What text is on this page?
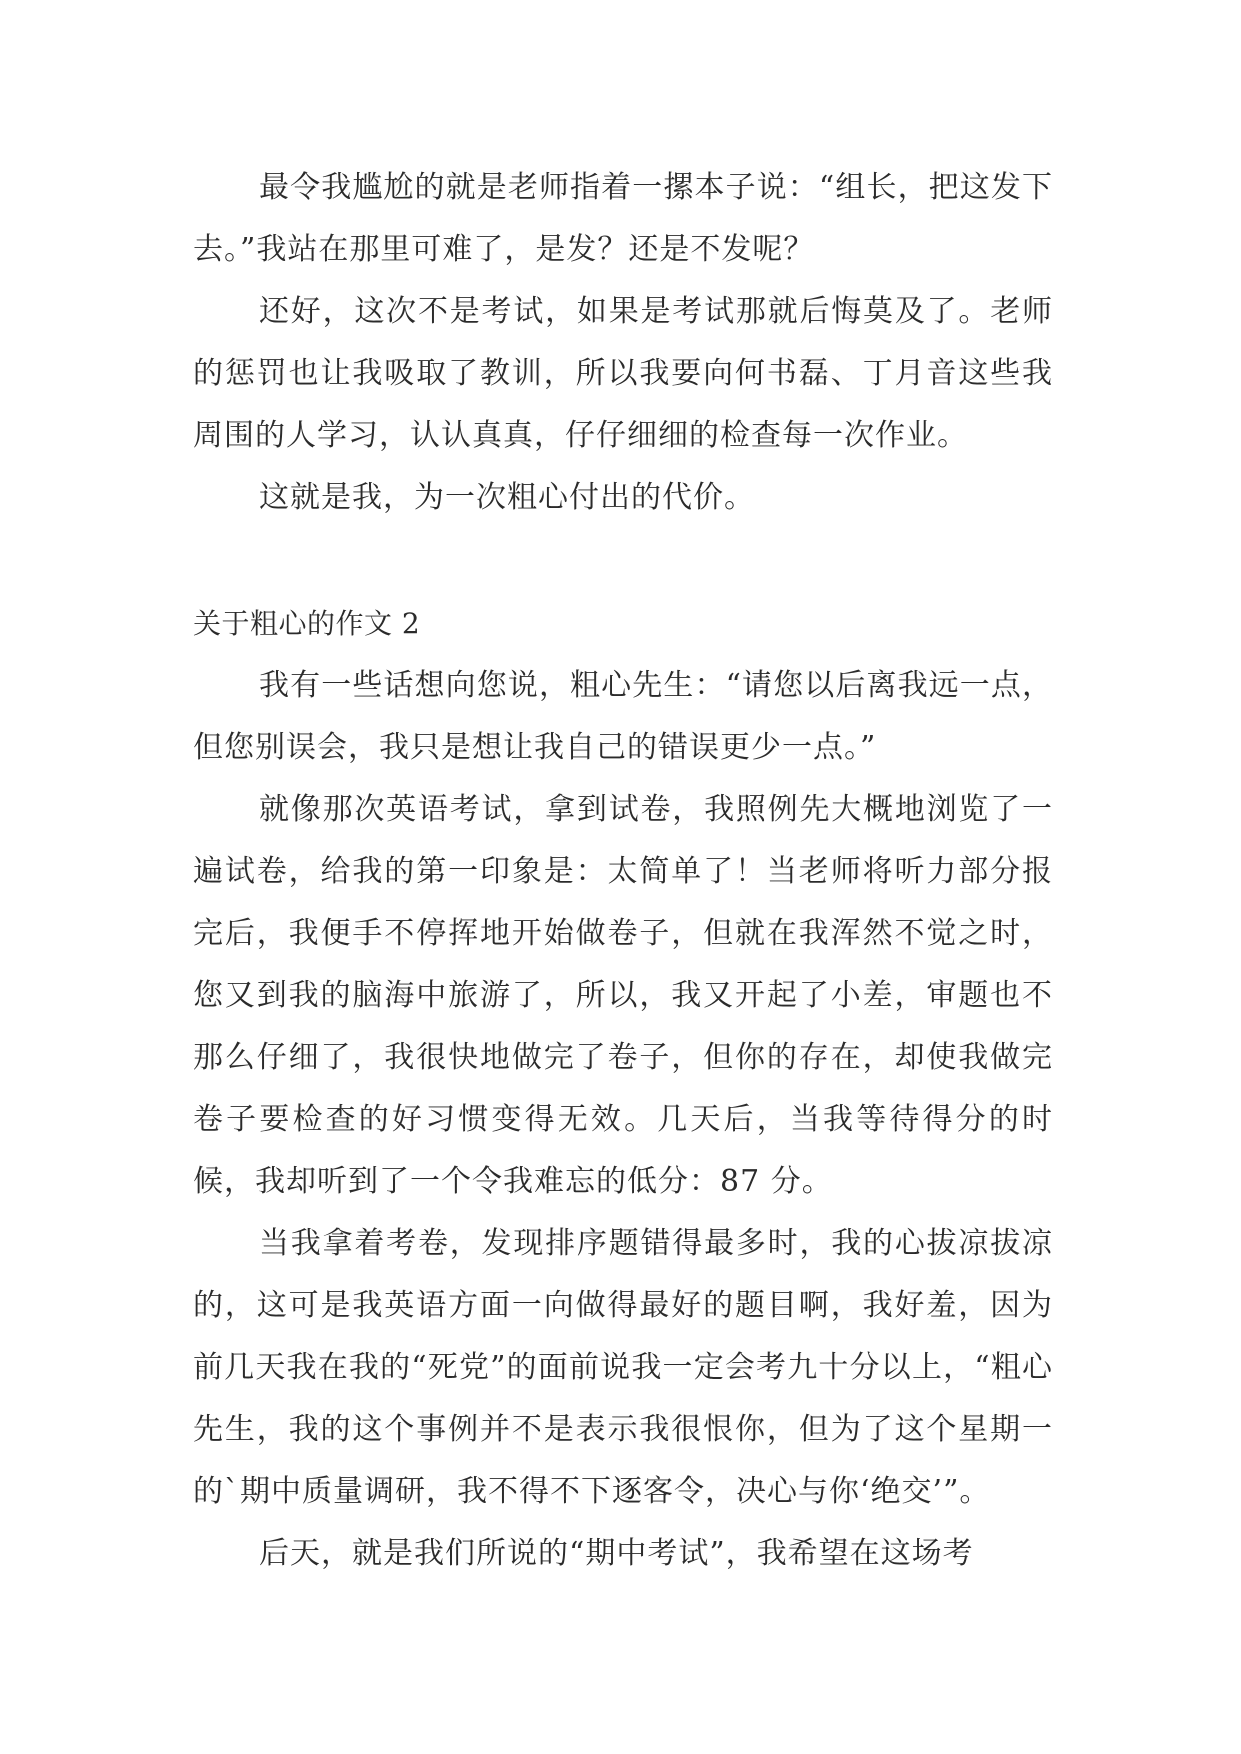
最令我尴尬的就是老师指着一摞本子说：“组长，把这发下去。”我站在那里可难了，是发？还是不发呢？

还好，这次不是考试，如果是考试那就后悔莫及了。老师的惩罚也让我吸取了教训，所以我要向何书磊、丁月音这些我周围的人学习，认认真真，仔仔细细的检查每一次作业。

这就是我，为一次粗心付出的代价。

关于粗心的作文 2

我有一些话想向您说，粗心先生：“请您以后离我远一点，但您别误会，我只是想让我自己的错误更少一点。”

就像那次英语考试，拿到试卷，我照例先大概地浏览了一遍试卷，给我的第一印象是：太简单了！当老师将听力部分报完后，我便手不停挥地开始做卷子，但就在我浑然不觉之时，您又到我的脑海中旅游了，所以，我又开起了小差，审题也不那么仔细了，我很快地做完了卷子，但你的存在，却使我做完卷子要检查的好习惯变得无效。几天后，当我等待得分的时候，我却听到了一个令我难忘的低分：87 分。

当我拿着考卷，发现排序题错得最多时，我的心拔凉拔凉的，这可是我英语方面一向做得最好的题目啊，我好羞，因为前几天我在我的“死党”的面前说我一定会考九十分以上，“粗心先生，我的这个事例并不是表示我很恨你，但为了这个星期一的`期中质量调研，我不得不下逐客令，决心与你‘绝交’”。

后天，就是我们所说的“期中考试”，我希望在这场考
